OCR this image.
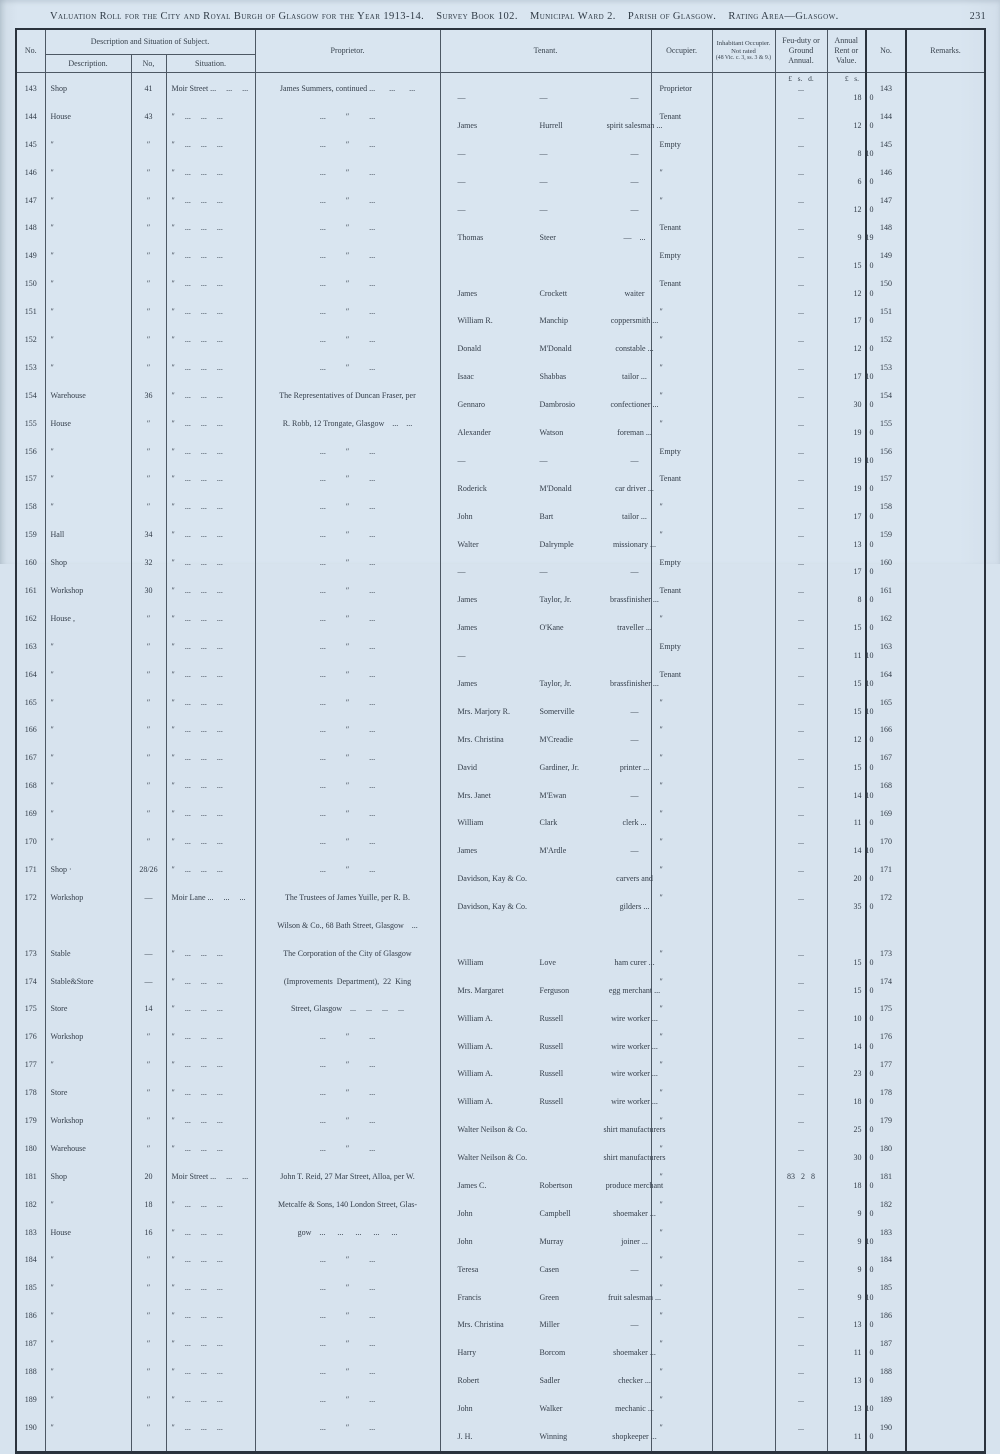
Valuation Roll for the City and Royal Burgh of Glasgow for the Year 1913-14.    Survey Book 102.    Municipal Ward 2.    Parish of Glasgow.    Rating Area—Glasgow.	231
No.	Description and Situation of Subject.			Proprietor.	Tenant.	Occupier.	Inhabitant Occupier.
Not rated
(48 Vic. c. 3, ss. 3 & 9.)	Feu-duty or Ground Annual.	Annual Rent or Value.	No.	Remarks.
	Description.	No,	Situation.								
								£   s.   d.	£   s.		
143	Shop	41	Moir Street ...     ...     ...	James Summers, continued ...       ...       ...	— — —	Proprietor		...	18 0	143	
144	House	43	″     ...     ...     ...	...          ″          ...	James Hurrell spirit salesman ...	Tenant		...	12 0	144	
145	″	″	″     ...     ...     ...	...          ″          ...	— — —	Empty		...	8 10	145	
146	″	″	″     ...     ...     ...	...          ″          ...	— — —	″		...	6 0	146	
147	″	″	″     ...     ...     ...	...          ″          ...	— — —	″		...	12 0	147	
148	″	″	″     ...     ...     ...	...          ″          ...	Thomas Steer —    ...	Tenant		...	9 19	148	
149	″	″	″     ...     ...     ...	...          ″          ...		Empty		...	15 0	149	
150	″	″	″     ...     ...     ...	...          ″          ...	James Crockett waiter	Tenant		...	12 0	150	
151	″	″	″     ...     ...     ...	...          ″          ...	William R. Manchip coppersmith ...	″		...	17 0	151	
152	″	″	″     ...     ...     ...	...          ″          ...	Donald M'Donald constable ...	″		...	12 0	152	
153	″	″	″     ...     ...     ...	...          ″          ...	Isaac Shabbas tailor ...	″		...	17 10	153	
154	Warehouse	36	″     ...     ...     ...	The Representatives of Duncan Fraser, per	Gennaro Dambrosio confectioner ...	″		...	30 0	154	
155	House	″	″     ...     ...     ...	R. Robb, 12 Trongate, Glasgow    ...    ...	Alexander Watson foreman ...	″		...	19 0	155	
156	″	″	″     ...     ...     ...	...          ″          ...	— — —	Empty		...	19 10	156	
157	″	″	″     ...     ...     ...	...          ″          ...	Roderick M'Donald car driver ...	Tenant		...	19 0	157	
158	″	″	″     ...     ...     ...	...          ″          ...	John Bart tailor ...	″		...	17 0	158	
159	Hall	34	″     ...     ...     ...	...          ″          ...	Walter Dalrymple missionary ...	″		...	13 0	159	
160	Shop	32	″     ...     ...     ...	...          ″          ...	— — —	Empty		...	17 0	160	
161	Workshop	30	″     ...     ...     ...	...          ″          ...	James Taylor, Jr. brassfinisher ...	Tenant		...	8 0	161	
162	House ,	″	″     ...     ...     ...	...          ″          ...	James O'Kane traveller ...	″		...	15 0	162	
163	″	″	″     ...     ...     ...	...          ″          ...	—	Empty		...	11 10	163	
164	″	″	″     ...     ...     ...	...          ″          ...	James Taylor, Jr. brassfinisher ...	Tenant		...	15 10	164	
165	″	″	″     ...     ...     ...	...          ″          ...	Mrs. Marjory R. Somerville —	″		...	15 10	165	
166	″	″	″     ...     ...     ...	...          ″          ...	Mrs. Christina M'Creadie —	″		...	12 0	166	
167	″	″	″     ...     ...     ...	...          ″          ...	David Gardiner, Jr. printer ...	″		...	15 0	167	
168	″	″	″     ...     ...     ...	...          ″          ...	Mrs. Janet M'Ewan —	″		...	14 10	168	
169	″	″	″     ...     ...     ...	...          ″          ...	William Clark clerk ...	″		...	11 0	169	
170	″	″	″     ...     ...     ...	...          ″          ...	James M'Ardle —	″		...	14 10	170	
171	Shop ·	28/26	″     ...     ...     ...	...          ″          ...	Davidson, Kay & Co. carvers and	″		...	20 0	171	
172	Workshop	—	Moir Lane ...     ...     ...	The Trustees of James Yuille, per R. B.	Davidson, Kay & Co. gilders ...	″		...	35 0	172	
				Wilson & Co., 68 Bath Street, Glasgow    ...	

173	Stable	—	″     ...     ...     ...	The Corporation of the City of Glasgow	William Love ham curer ...	″		...	15 0	173	
174	Stable&Store	—	″     ...     ...     ...	(Improvements  Department),  22  King	Mrs. Margaret Ferguson egg merchant ...	″		...	15 0	174	
175	Store	14	″     ...     ...     ...	Street, Glasgow    ...     ...     ...     ...	William A. Russell wire worker ...	″		...	10 0	175	
176	Workshop	″	″     ...     ...     ...	...          ″          ...	William A. Russell wire worker ...	″		...	14 0	176	
177	″	″	″     ...     ...     ...	...          ″          ...	William A. Russell wire worker ...	″		...	23 0	177	
178	Store	″	″     ...     ...     ...	...          ″          ...	William A. Russell wire worker ...	″		...	18 0	178	
179	Workshop	″	″     ...     ...     ...	...          ″          ...	Walter Neilson & Co. shirt manufacturers	″		...	25 0	179	
180	Warehouse	″	″     ...     ...     ...	...          ″          ...	Walter Neilson & Co. shirt manufacturers	″		...	30 0	180	
181	Shop	20	Moir Street ...     ...     ...	John T. Reid, 27 Mar Street, Alloa, per W.	James C. Robertson produce merchant	″		83   2   8	18 0	181	
182	″	18	″     ...     ...     ...	Metcalfe & Sons, 140 London Street, Glas-	John Campbell shoemaker ...	″		...	9 0	182	
183	House	16	″     ...     ...     ...	gow    ...      ...      ...      ...      ...	John Murray joiner ...	″		...	9 10	183	
184	″	″	″     ...     ...     ...	...          ″          ...	Teresa Casen —	″		...	9 0	184	
185	″	″	″     ...     ...     ...	...          ″          ...	Francis Green fruit salesman ...	″		...	9 10	185	
186	″	″	″     ...     ...     ...	...          ″          ...	Mrs. Christina Miller —	″		...	13 0	186	
187	″	″	″     ...     ...     ...	...          ″          ...	Harry Borcom shoemaker ...	″		...	11 0	187	
188	″	″	″     ...     ...     ...	...          ″          ...	Robert Sadler checker ...	″		...	13 0	188	
189	″	″	″     ...     ...     ...	...          ″          ...	John Walker mechanic ...	″		...	13 10	189	
190	″	″	″     ...     ...     ...	...          ″          ...	J. H. Winning shopkeeper ...	″		...	11 0	190	
